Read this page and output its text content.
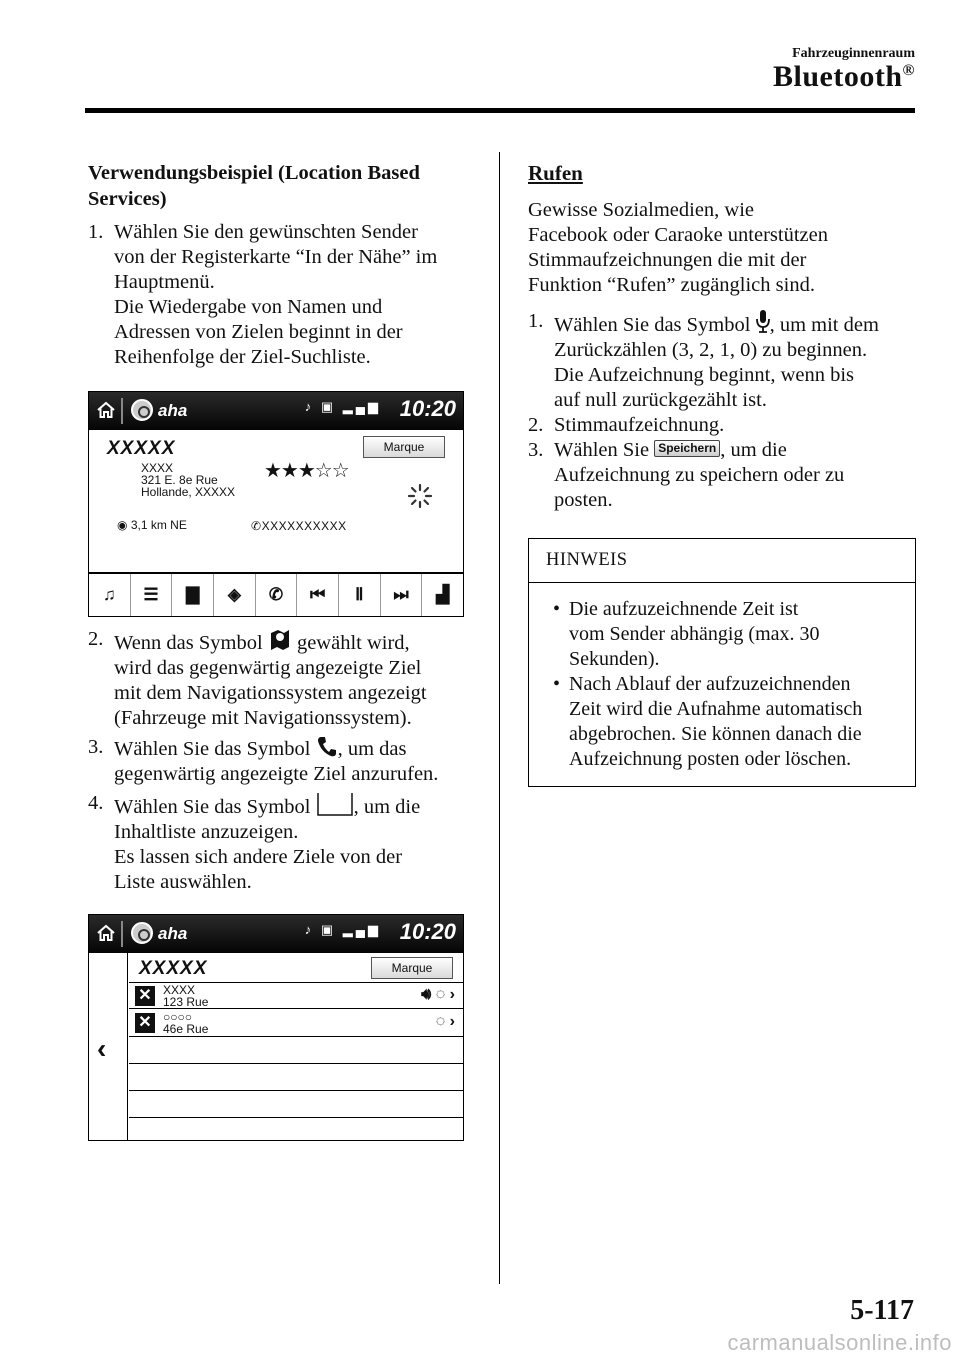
Fahrzeuginnenraum
Bluetooth®
Verwendungsbeispiel (Location Based Services)
1. Wählen Sie den gewünschten Sender
von der Registerkarte “In der Nähe” im
Hauptmenü.
Die Wiedergabe von Namen und
Adressen von Zielen beginnt in der
Reihenfolge der Ziel-Suchliste.
aha	♪ ▣ ▂▄▆ 10:20
XXXXX	Marque
XXXX
321 E. 8e Rue
Hollande, XXXXX
★★★☆☆
◉ 3,1 km NE	✆XXXXXXXXXX
♫	☰	▇	◈	✆	⏮	Ⅱ	⏭	▟
2. Wenn das Symbol  gewählt wird,
wird das gegenwärtig angezeigte Ziel
mit dem Navigationssystem angezeigt
(Fahrzeuge mit Navigationssystem).
3. Wählen Sie das Symbol , um das
gegenwärtig angezeigte Ziel anzurufen.
4. Wählen Sie das Symbol , um die
Inhaltliste anzuzeigen.
Es lassen sich andere Ziele von der
Liste auswählen.
aha	♪ ▣ ▂▄▆ 10:20
‹
XXXXX	Marque
✕ XXXX
123 Rue	🔊︎ ◌ ›
✕ ○○○○
46e Rue	◌ ›
Rufen

Gewisse Sozialmedien, wie
Facebook oder Caraoke unterstützen
Stimmaufzeichnungen die mit der
Funktion “Rufen” zugänglich sind.

1. Wählen Sie das Symbol , um mit dem
Zurückzählen (3, 2, 1, 0) zu beginnen.
Die Aufzeichnung beginnt, wenn bis
auf null zurückgezählt ist.
2. Stimmaufzeichnung.
3. Wählen Sie Speichern , um die
Aufzeichnung zu speichern oder zu
posten.
HINWEIS
• Die aufzuzeichnende Zeit ist
vom Sender abhängig (max. 30
Sekunden).
• Nach Ablauf der aufzuzeichnenden
Zeit wird die Aufnahme automatisch
abgebrochen. Sie können danach die
Aufzeichnung posten oder löschen.
5-117
carmanualsonline.info
